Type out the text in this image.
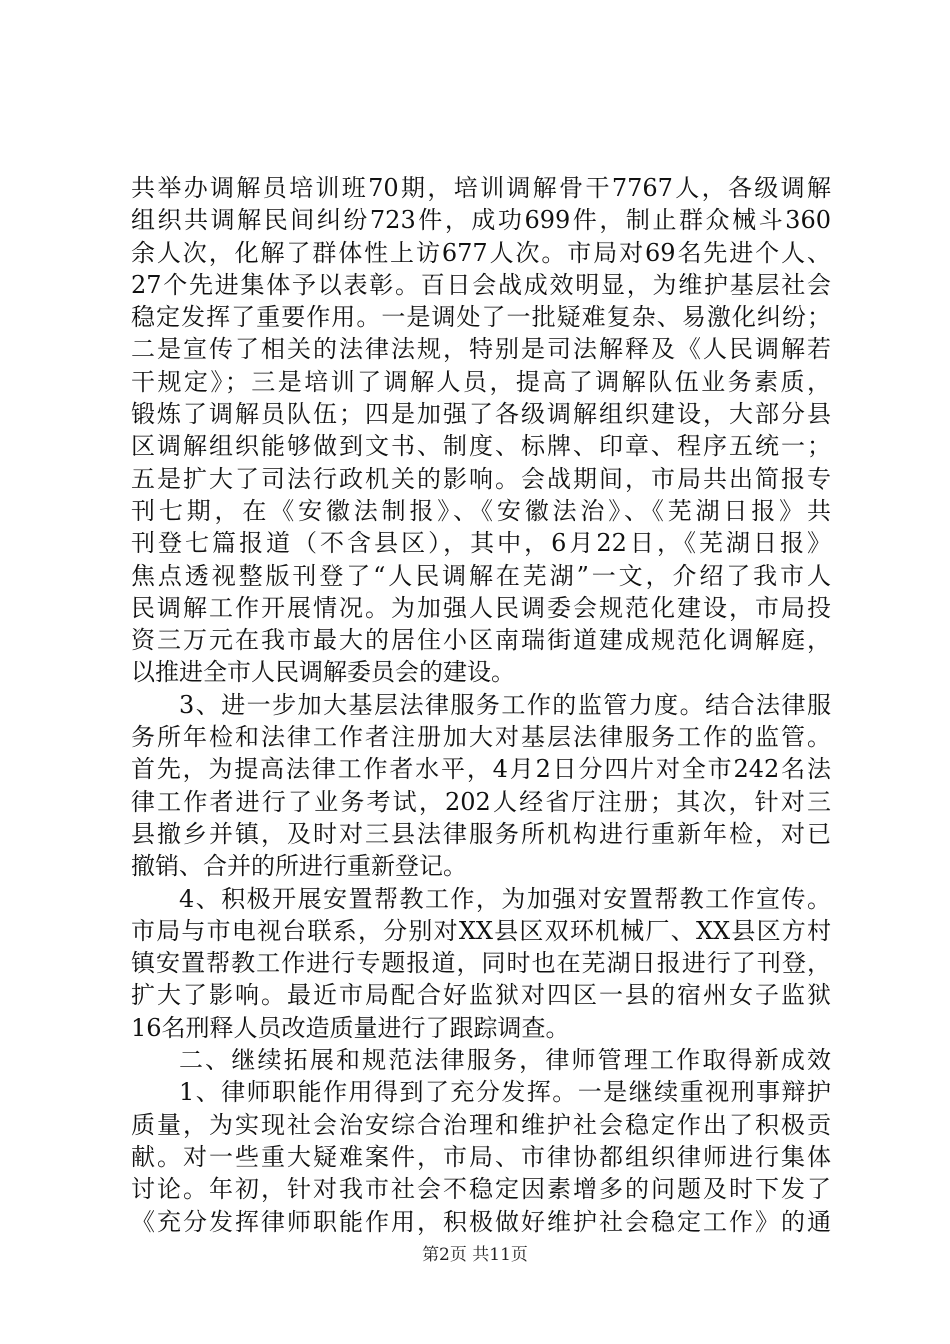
共举办调解员培训班70期，培训调解骨干7767人，各级调解
组织共调解民间纠纷723件，成功699件，制止群众械斗360
余人次，化解了群体性上访677人次。市局对69名先进个人、
27个先进集体予以表彰。百日会战成效明显，为维护基层社会
稳定发挥了重要作用。一是调处了一批疑难复杂、易激化纠纷；
二是宣传了相关的法律法规，特别是司法解释及《人民调解若
干规定》；三是培训了调解人员，提高了调解队伍业务素质，
锻炼了调解员队伍；四是加强了各级调解组织建设，大部分县
区调解组织能够做到文书、制度、标牌、印章、程序五统一；
五是扩大了司法行政机关的影响。会战期间，市局共出简报专
刊七期，在《安徽法制报》、《安徽法治》、《芜湖日报》共
刊登七篇报道（不含县区），其中，6月22日，《芜湖日报》
焦点透视整版刊登了“人民调解在芜湖”一文，介绍了我市人
民调解工作开展情况。为加强人民调委会规范化建设，市局投
资三万元在我市最大的居住小区南瑞街道建成规范化调解庭，
以推进全市人民调解委员会的建设。
3、进一步加大基层法律服务工作的监管力度。结合法律服
务所年检和法律工作者注册加大对基层法律服务工作的监管。
首先，为提高法律工作者水平，4月2日分四片对全市242名法
律工作者进行了业务考试，202人经省厅注册；其次，针对三
县撤乡并镇，及时对三县法律服务所机构进行重新年检，对已
撤销、合并的所进行重新登记。
4、积极开展安置帮教工作，为加强对安置帮教工作宣传。
市局与市电视台联系，分别对XX县区双环机械厂、XX县区方村
镇安置帮教工作进行专题报道，同时也在芜湖日报进行了刊登，
扩大了影响。最近市局配合好监狱对四区一县的宿州女子监狱
16名刑释人员改造质量进行了跟踪调查。
二、继续拓展和规范法律服务，律师管理工作取得新成效
1、律师职能作用得到了充分发挥。一是继续重视刑事辩护
质量，为实现社会治安综合治理和维护社会稳定作出了积极贡
献。对一些重大疑难案件，市局、市律协都组织律师进行集体
讨论。年初，针对我市社会不稳定因素增多的问题及时下发了
《充分发挥律师职能作用，积极做好维护社会稳定工作》的通
第2页 共11页
